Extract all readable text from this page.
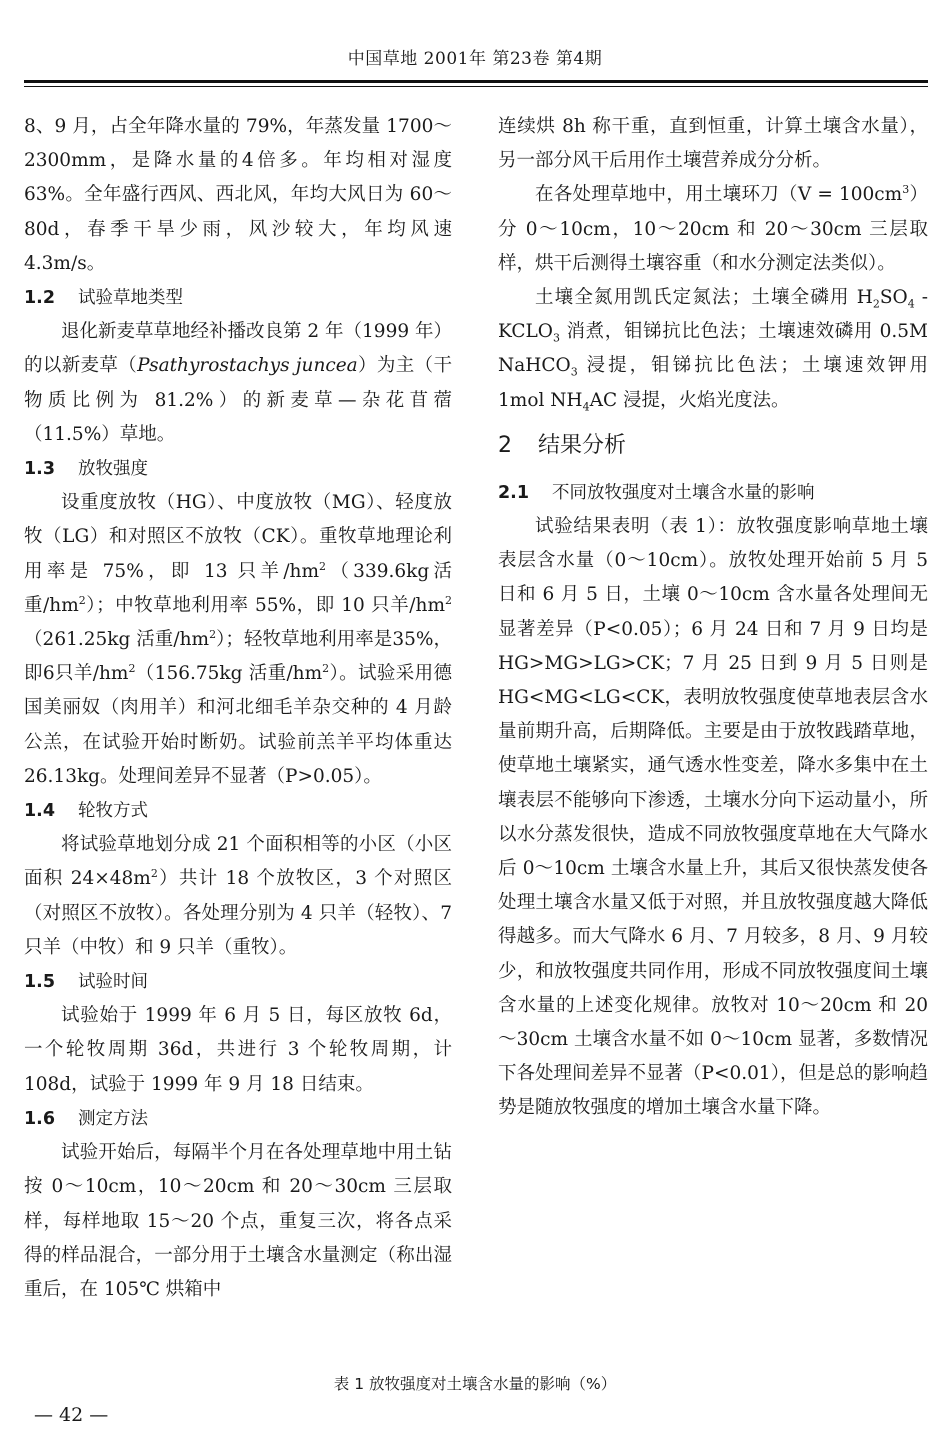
中国草地 2001年 第23卷 第4期

8、9 月，占全年降水量的 79%，年蒸发量 1700～2300mm，是降水量的4倍多。年均相对湿度 63%。全年盛行西风、西北风，年均大风日为 60～80d，春季干旱少雨，风沙较大，年均风速 4.3m/s。

1.2 试验草地类型

退化新麦草草地经补播改良第 2 年（1999 年）的以新麦草（Psathyrostachys juncea）为主（干物质比例为 81.2%）的新麦草—杂花苜蓿（11.5%）草地。

1.3 放牧强度

设重度放牧（HG）、中度放牧（MG）、轻度放牧（LG）和对照区不放牧（CK）。重牧草地理论利用率是 75%，即 13 只羊$/hm^2(339.6kg$活重$/hm^2$）；中牧草地利用率 55%，即 10 只羊$/hm^2(261.25kg$ 活重$/hm^2$）；轻牧草地利用率是35%，即6只羊$/hm^2(156.75kg$ 活重$/hm^2$）。试验采用德国美丽奴（肉用羊）和河北细毛羊杂交种的 4 月龄公羔，在试验开始时断奶。试验前羔羊平均体重达 26.13kg。处理间差异不显著（P>0.05）。

1.4 轮牧方式

将试验草地划分成 21 个面积相等的小区（小区面积 $24\times 48m^2$）共计 18 个放牧区，3 个对照区（对照区不放牧）。各处理分别为 4 只羊（轻牧）、7 只羊（中牧）和 9 只羊（重牧）。

1.5 试验时间

试验始于 1999 年 6 月 5 日，每区放牧 6d，一个轮牧周期 36d，共进行 3 个轮牧周期，计 108d，试验于 1999 年 9 月 18 日结束。

1.6 测定方法

试验开始后，每隔半个月在各处理草地中用土钻按 0～10cm，10～20cm 和 20～30cm 三层取样，每样地取 15～20 个点，重复三次，将各点采得的样品混合，一部分用于土壤含水量测定（称出湿重后，在 105℃ 烘箱中

连续烘 8h 称干重，直到恒重，计算土壤含水量），另一部分风干后用作土壤营养成分分析。

在各处理草地中，用土壤环刀$(V = 100cm^3)$分 0～10cm，10～20cm 和 20～30cm 三层取样，烘干后测得土壤容重（和水分测定法类似）。

土壤全氮用凯氏定氮法；土壤全磷用 $H_2SO_4$ - $KCLO_3$ 消煮，钼锑抗比色法；土壤速效磷用 0.5M NaHCO$_3$ 浸提，钼锑抗比色法；土壤速效钾用 1mol $NH_4AC$ 浸提，火焰光度法。

2 结果分析
2.1 不同放牧强度对土壤含水量的影响

试验结果表明（表 1）：放牧强度影响草地土壤表层含水量（0～10cm）。放牧处理开始前 5 月 5 日和 6 月 5 日，土壤 0～10cm 含水量各处理间无显著差异（P<0.05）；6 月 24 日和 7 月 9 日均是 HG>MG>LG>CK；7 月 25 日到 9 月 5 日则是 HG<MG<LG<CK，表明放牧强度使草地表层含水量前期升高，后期降低。主要是由于放牧践踏草地，使草地土壤紧实，通气透水性变差，降水多集中在土壤表层不能够向下渗透，土壤水分向下运动量小，所以水分蒸发很快，造成不同放牧强度草地在大气降水后 0～10cm 土壤含水量上升，其后又很快蒸发使各处理土壤含水量又低于对照，并且放牧强度越大降低得越多。而大气降水 6 月、7 月较多，8 月、9 月较少，和放牧强度共同作用，形成不同放牧强度间土壤含水量的上述变化规律。放牧对 10～20cm 和 20～30cm 土壤含水量不如 0～10cm 显著，多数情况下各处理间差异不显著（P<0.01），但是总的影响趋势是随放牧强度的增加土壤含水量下降。

表 1 放牧强度对土壤含水量的影响（%）
— 42 —
